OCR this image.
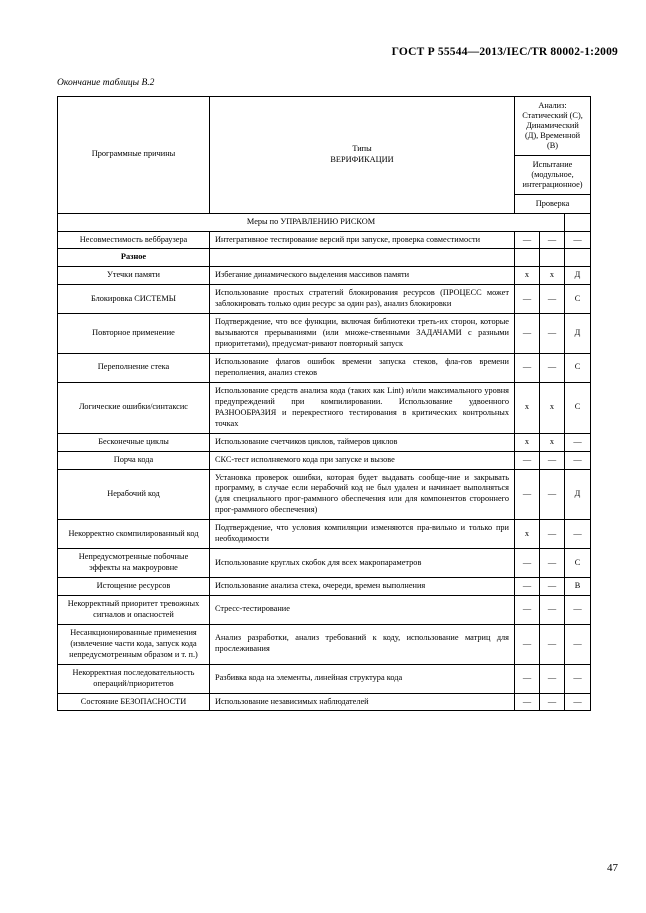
ГОСТ Р 55544—2013/IEC/TR 80002-1:2009
Окончание таблицы В.2
Программные причины	
Типы
ВЕРИФИКАЦИИ

Анализ: Статический (С), Динамический (Д), Временной (В)
Испытание (модульное, интеграционное)
Проверка

Меры по УПРАВЛЕНИЮ РИСКОМ				
Несовместимость веббраузера	Интегративное тестирование версий при запуске, проверка совместимости	—	—	—
Разное				
Утечки памяти	Избегание динамического выделения массивов памяти	х	х	Д
Блокировка СИСТЕМЫ	Использование простых стратегий блокирования ресурсов (ПРОЦЕСС может заблокировать только один ресурс за один раз), анализ блокировки	—	—	С
Повторное применение	Подтверждение, что все функции, включая библиотеки треть-их сторон, которые вызываются прерываниями (или множе-ственными ЗАДАЧАМИ с разными приоритетами), предусмат-ривают повторный запуск	—	—	Д
Переполнение стека	Использование флагов ошибок времени запуска стеков, фла-гов времени переполнения, анализ стеков	—	—	С
Логические ошибки/синтаксис	Использование средств анализа кода (таких как Lint) и/или максимального уровня предупреждений при компилировании. Использование удвоенного РАЗНООБРАЗИЯ и перекрестного тестирования в критических контрольных точках	х	х	С
Бесконечные циклы	Использование счетчиков циклов, таймеров циклов	х	х	—
Порча кода	СКС-тест исполняемого кода при запуске и вызове	—	—	—
Нерабочий код	Установка проверок ошибки, которая будет выдавать сообще-ние и закрывать программу, в случае если нерабочий код не был удален и начинает выполняться (для специального прог-раммного обеспечения или для компонентов стороннего прог-раммного обеспечения)	—	—	Д
Некорректно скомпилированный код	Подтверждение, что условия компиляции изменяются пра-вильно и только при необходимости	х	—	—
Непредусмотренные побочные эффекты на макроуровне	Использование круглых скобок для всех макропараметров	—	—	С
Истощение ресурсов	Использование анализа стека, очереди, времен выполнения	—	—	В
Некорректный приоритет тревожных сигналов и опасностей	Стресс-тестирование	—	—	—
Несанкционированные применения (извлечение части кода, запуск кода непредусмотренным образом и т. п.)	Анализ разработки, анализ требований к коду, использование матриц для прослеживания	—	—	—
Некорректная последовательность операций/приоритетов	Разбивка кода на элементы, линейная структура кода	—	—	—
Состояние БЕЗОПАСНОСТИ	Использование независимых наблюдателей	—	—	—
47
